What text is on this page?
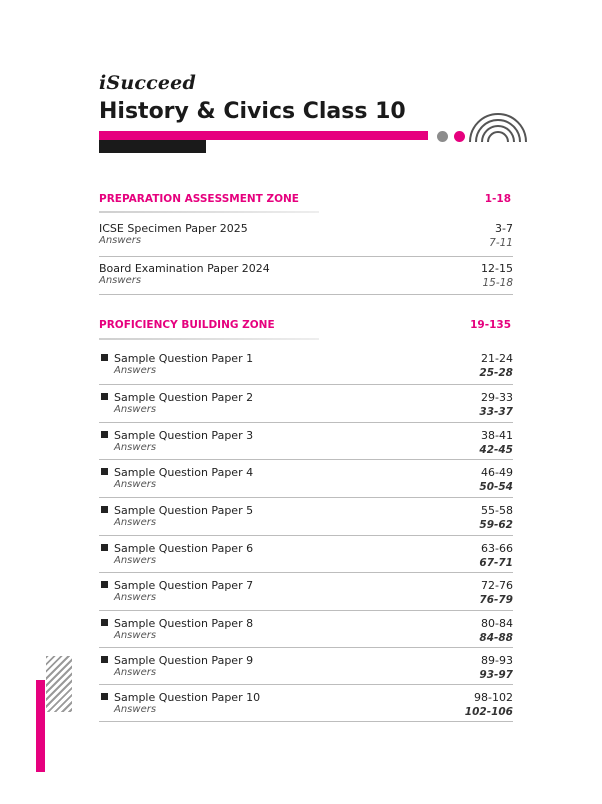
iSucceed
History & Civics Class 10
PREPARATION ASSESSMENT ZONE	1-18
ICSE Specimen Paper 2025	3-7
Answers	7-11
Board Examination Paper 2024	12-15
Answers	15-18
PROFICIENCY BUILDING ZONE	19-135
Sample Question Paper 1	21-24
Answers	25-28
Sample Question Paper 2	29-33
Answers	33-37
Sample Question Paper 3	38-41
Answers	42-45
Sample Question Paper 4	46-49
Answers	50-54
Sample Question Paper 5	55-58
Answers	59-62
Sample Question Paper 6	63-66
Answers	67-71
Sample Question Paper 7	72-76
Answers	76-79
Sample Question Paper 8	80-84
Answers	84-88
Sample Question Paper 9	89-93
Answers	93-97
Sample Question Paper 10	98-102
Answers	102-106
